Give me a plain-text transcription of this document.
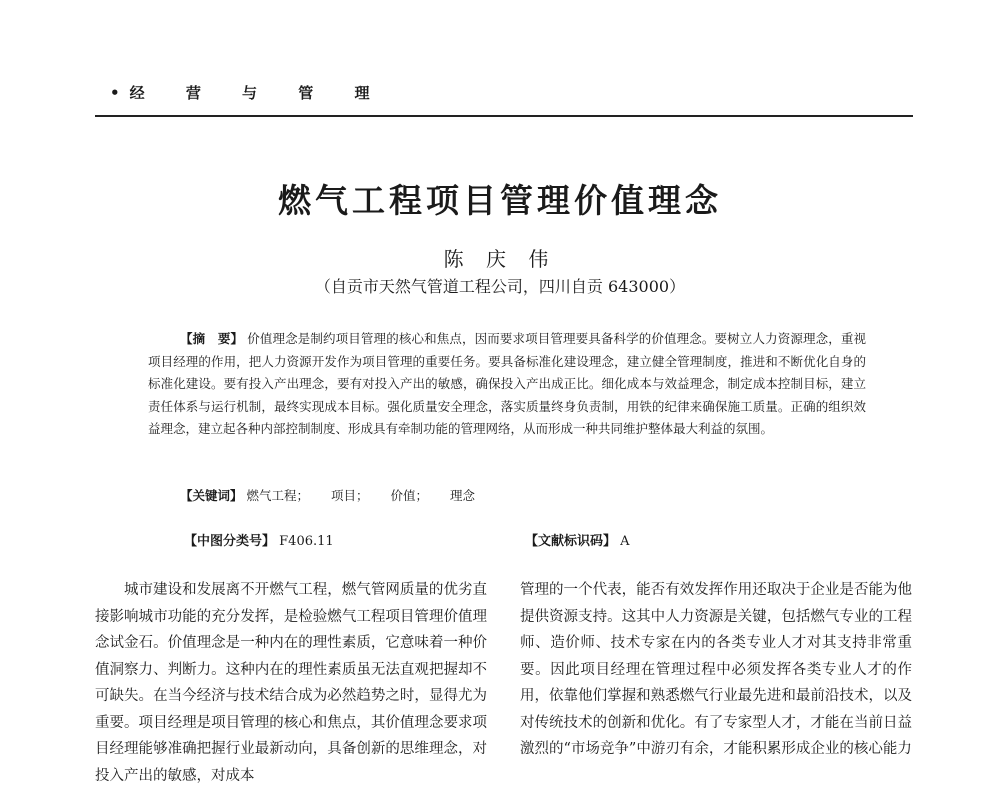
• 经 营 与 管 理
燃气工程项目管理价值理念
陈 庆 伟
（自贡市天然气管道工程公司，四川自贡 643000）
【摘　要】 价值理念是制约项目管理的核心和焦点，因而要求项目管理要具备科学的价值理念。要树立人力资源理念，重视项目经理的作用，把人力资源开发作为项目管理的重要任务。要具备标准化建设理念，建立健全管理制度，推进和不断优化自身的标准化建设。要有投入产出理念，要有对投入产出的敏感，确保投入产出成正比。细化成本与效益理念，制定成本控制目标，建立责任体系与运行机制，最终实现成本目标。强化质量安全理念，落实质量终身负责制，用铁的纪律来确保施工质量。正确的组织效益理念，建立起各种内部控制制度、形成具有牵制功能的管理网络，从而形成一种共同维护整体最大利益的氛围。
【关键词】 燃气工程； 项目； 价值； 理念
【中图分类号】 F406.11	【文献标识码】 A
城市建设和发展离不开燃气工程，燃气管网质量的优劣直接影响城市功能的充分发挥，是检验燃气工程项目管理价值理念试金石。价值理念是一种内在的理性素质，它意味着一种价值洞察力、判断力。这种内在的理性素质虽无法直观把握却不可缺失。在当今经济与技术结合成为必然趋势之时，显得尤为重要。项目经理是项目管理的核心和焦点，其价值理念要求项目经理能够准确把握行业最新动向，具备创新的思维理念，对投入产出的敏感，对成本
管理的一个代表，能否有效发挥作用还取决于企业是否能为他提供资源支持。这其中人力资源是关键，包括燃气专业的工程师、造价师、技术专家在内的各类专业人才对其支持非常重要。因此项目经理在管理过程中必须发挥各类专业人才的作用，依靠他们掌握和熟悉燃气行业最先进和最前沿技术，以及对传统技术的创新和优化。有了专家型人才，才能在当前日益激烈的“市场竞争”中游刃有余，才能积累形成企业的核心能力
